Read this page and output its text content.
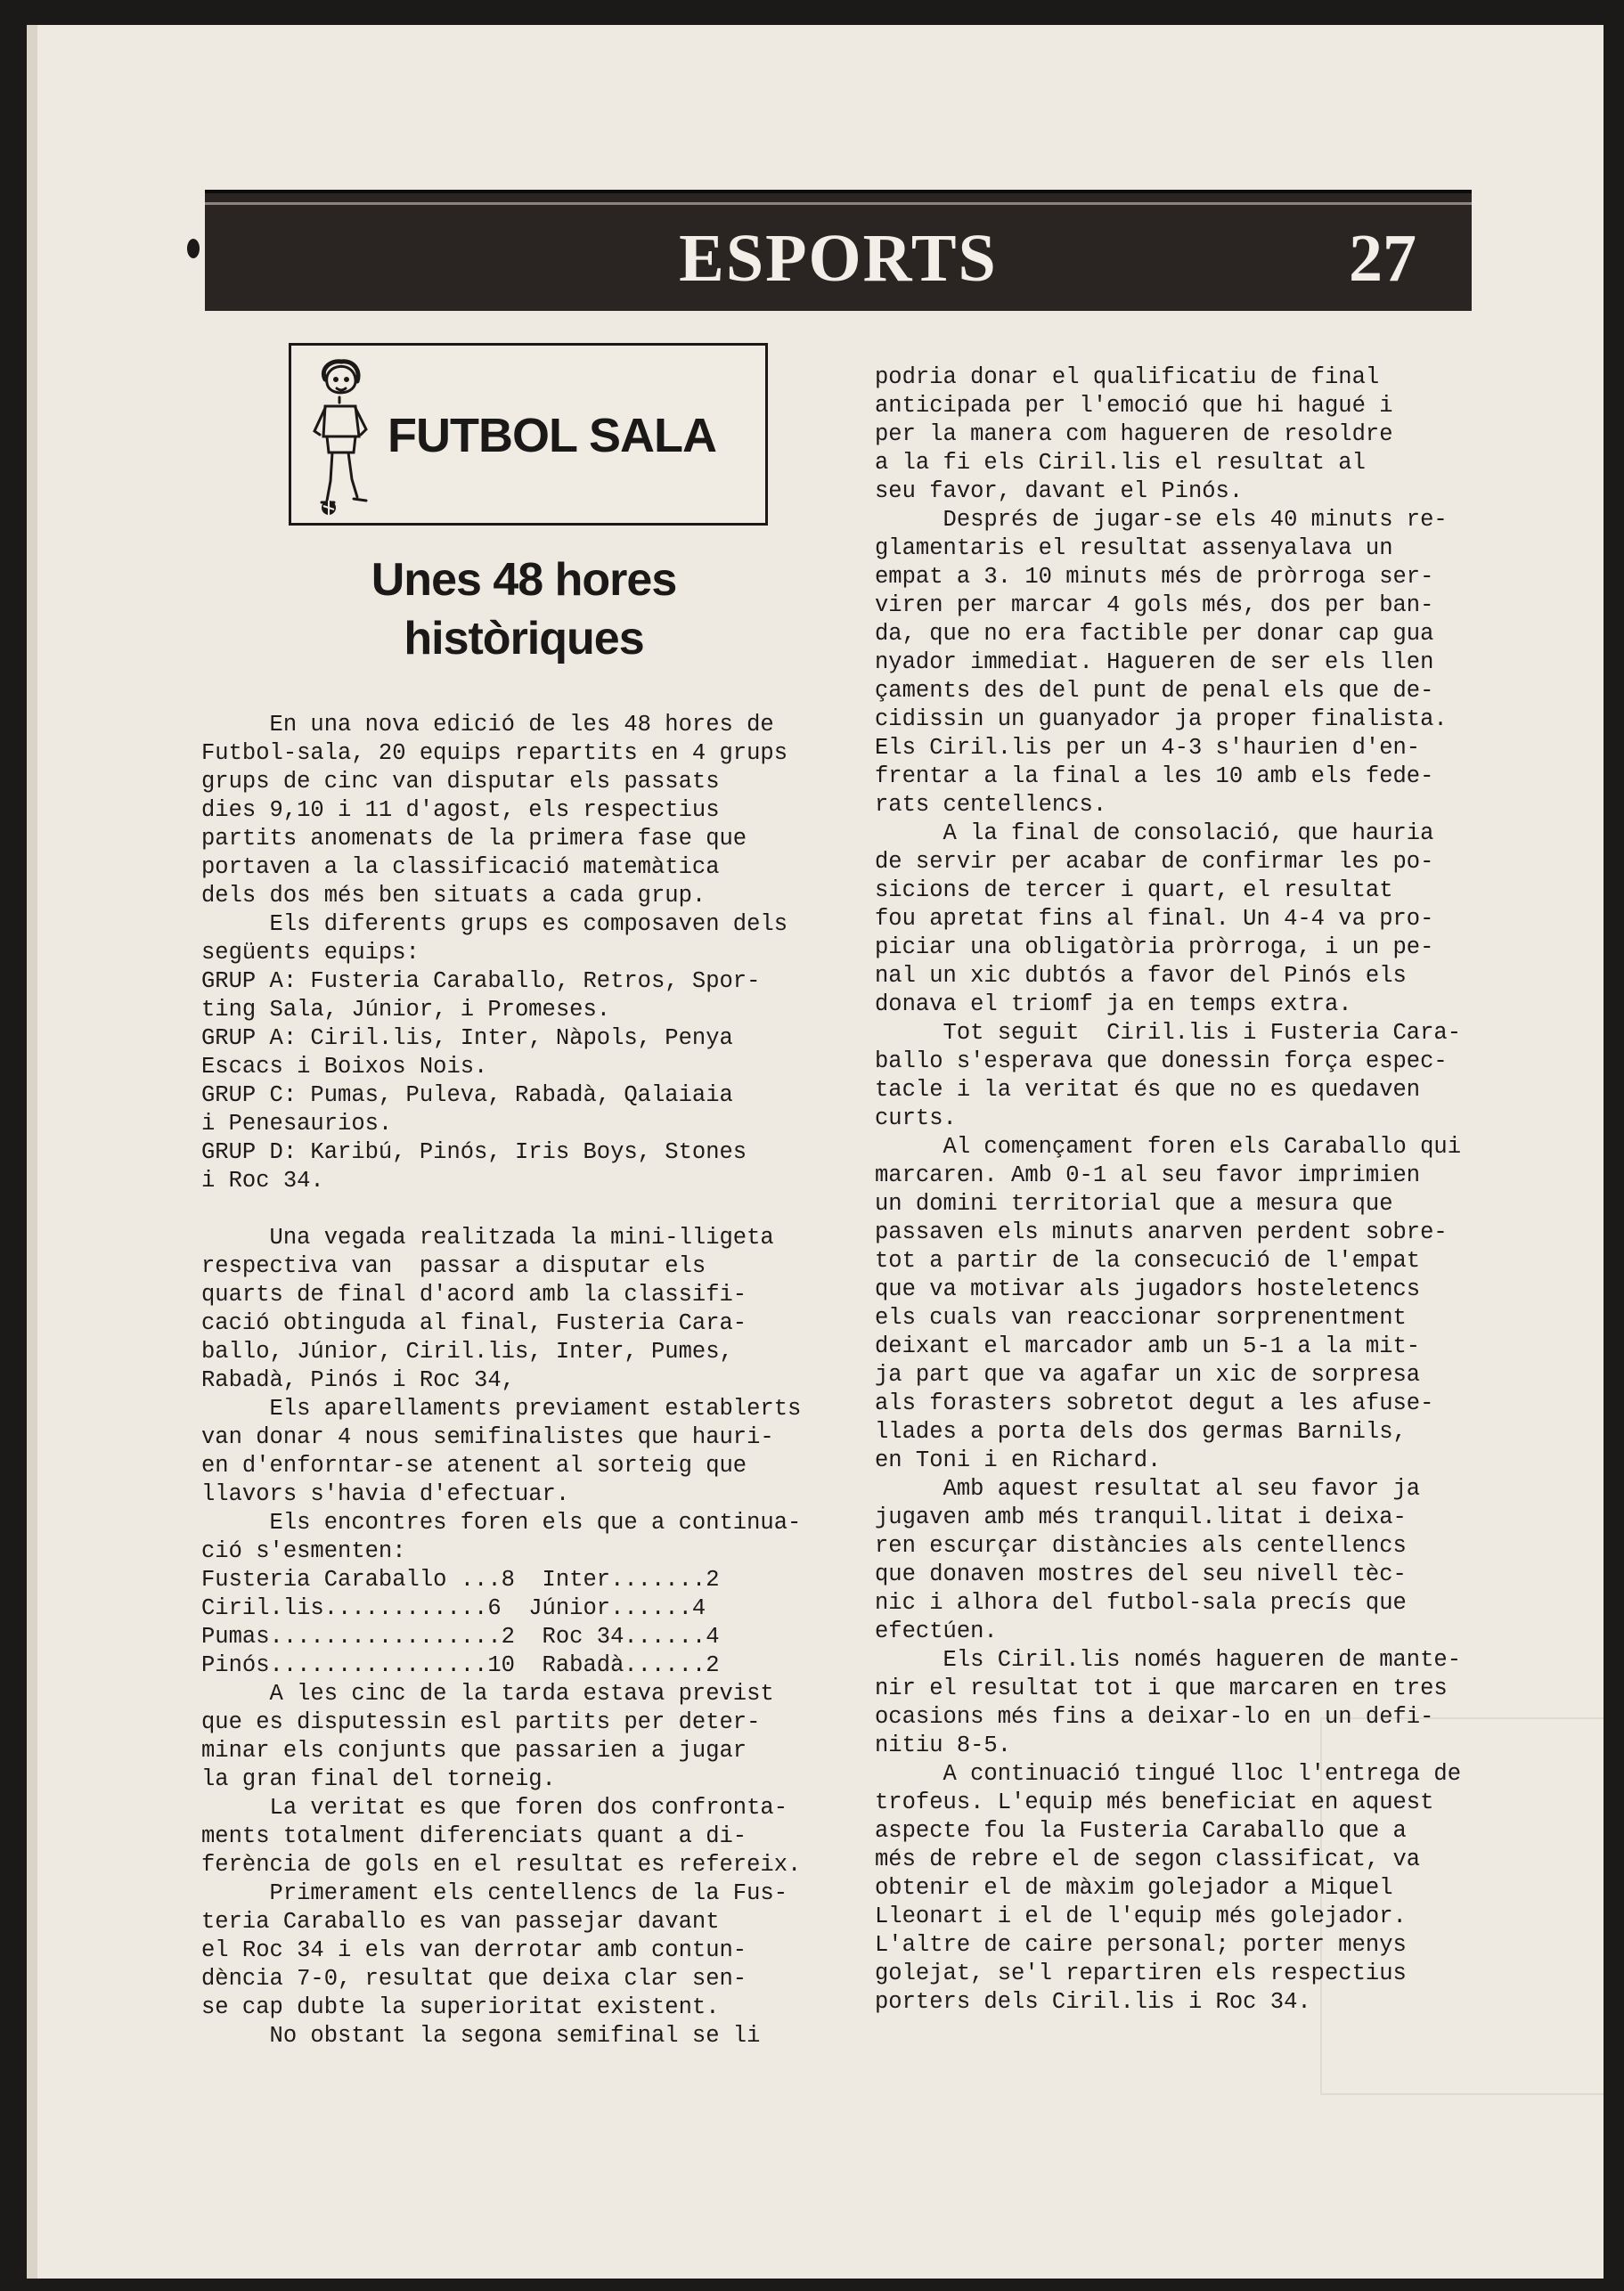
ESPORTS	27
FUTBOL SALA
Unes 48 hores
històriques
En una nova edició de les 48 hores de
Futbol-sala, 20 equips repartits en 4 grups
grups de cinc van disputar els passats
dies 9,10 i 11 d'agost, els respectius
partits anomenats de la primera fase que
portaven a la classificació matemàtica
dels dos més ben situats a cada grup.
Els diferents grups es composaven dels
següents equips:
GRUP A: Fusteria Caraballo, Retros, Spor-
ting Sala, Júnior, i Promeses.
GRUP A: Ciril.lis, Inter, Nàpols, Penya
Escacs i Boixos Nois.
GRUP C: Pumas, Puleva, Rabadà, Qalaiaia
i Penesaurios.
GRUP D: Karibú, Pinós, Iris Boys, Stones
i Roc 34.
Una vegada realitzada la mini-lligeta
respectiva van  passar a disputar els
quarts de final d'acord amb la classifi-
cació obtinguda al final, Fusteria Cara-
ballo, Júnior, Ciril.lis, Inter, Pumes,
Rabadà, Pinós i Roc 34,
Els aparellaments previament establerts
van donar 4 nous semifinalistes que hauri-
en d'enforntar-se atenent al sorteig que
llavors s'havia d'efectuar.
Els encontres foren els que a continua-
ció s'esmenten:
Fusteria Caraballo ...8  Inter.......2
Ciril.lis............6  Júnior......4
Pumas.................2  Roc 34......4
Pinós................10  Rabadà......2
A les cinc de la tarda estava previst
que es disputessin esl partits per deter-
minar els conjunts que passarien a jugar
la gran final del torneig.
La veritat es que foren dos confronta-
ments totalment diferenciats quant a di-
ferència de gols en el resultat es refereix.
Primerament els centellencs de la Fus-
teria Caraballo es van passejar davant
el Roc 34 i els van derrotar amb contun-
dència 7-0, resultat que deixa clar sen-
se cap dubte la superioritat existent.
No obstant la segona semifinal se li
podria donar el qualificatiu de final
anticipada per l'emoció que hi hagué i
per la manera com hagueren de resoldre
a la fi els Ciril.lis el resultat al
seu favor, davant el Pinós.
Després de jugar-se els 40 minuts re-
glamentaris el resultat assenyalava un
empat a 3. 10 minuts més de pròrroga ser-
viren per marcar 4 gols més, dos per ban-
da, que no era factible per donar cap gua
nyador immediat. Hagueren de ser els llen
çaments des del punt de penal els que de-
cidissin un guanyador ja proper finalista.
Els Ciril.lis per un 4-3 s'haurien d'en-
frentar a la final a les 10 amb els fede-
rats centellencs.
A la final de consolació, que hauria
de servir per acabar de confirmar les po-
sicions de tercer i quart, el resultat
fou apretat fins al final. Un 4-4 va pro-
piciar una obligatòria pròrroga, i un pe-
nal un xic dubtós a favor del Pinós els
donava el triomf ja en temps extra.
Tot seguit  Ciril.lis i Fusteria Cara-
ballo s'esperava que donessin força espec-
tacle i la veritat és que no es quedaven
curts.
Al començament foren els Caraballo qui
marcaren. Amb 0-1 al seu favor imprimien
un domini territorial que a mesura que
passaven els minuts anarven perdent sobre-
tot a partir de la consecució de l'empat
que va motivar als jugadors hosteletencs
els cuals van reaccionar sorprenentment
deixant el marcador amb un 5-1 a la mit-
ja part que va agafar un xic de sorpresa
als forasters sobretot degut a les afuse-
llades a porta dels dos germas Barnils,
en Toni i en Richard.
Amb aquest resultat al seu favor ja
jugaven amb més tranquil.litat i deixa-
ren escurçar distàncies als centellencs
que donaven mostres del seu nivell tèc-
nic i alhora del futbol-sala precís que
efectúen.
Els Ciril.lis només hagueren de mante-
nir el resultat tot i que marcaren en tres
ocasions més fins a deixar-lo en un defi-
nitiu 8-5.
A continuació tingué lloc l'entrega de
trofeus. L'equip més beneficiat en aquest
aspecte fou la Fusteria Caraballo que a
més de rebre el de segon classificat, va
obtenir el de màxim golejador a Miquel
Lleonart i el de l'equip més golejador.
L'altre de caire personal; porter menys
golejat, se'l repartiren els respectius
porters dels Ciril.lis i Roc 34.
